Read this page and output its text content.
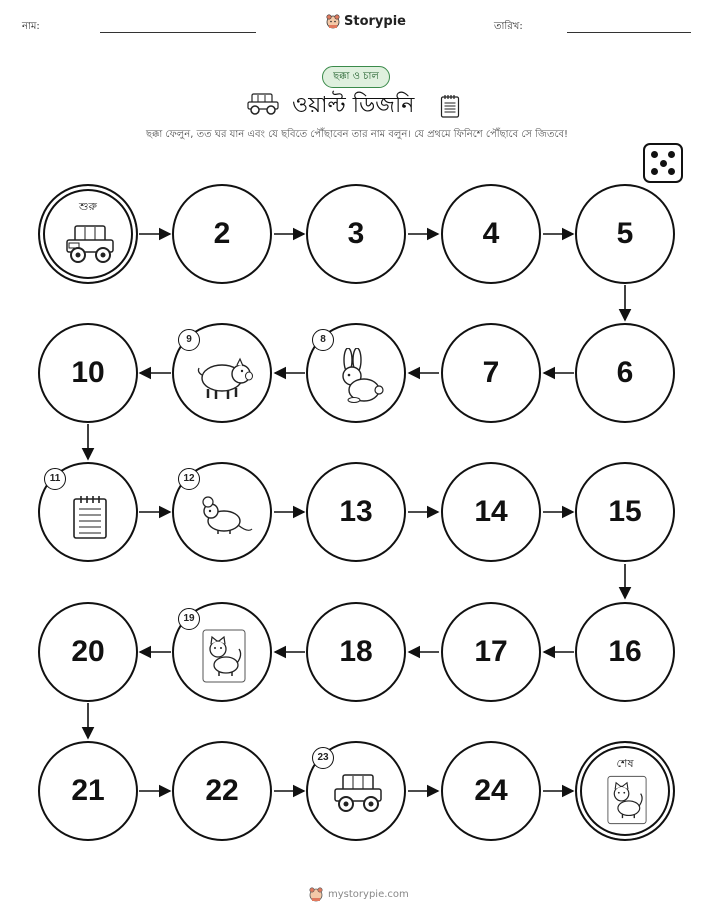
নাম:	Storypie	তারিখ:
ছক্কা ও চাল
ওয়াল্ট ডিজনি
ছক্কা ফেলুন, তত ঘর যান এবং যে ছবিতে পৌঁছাবেন তার নাম বলুন। যে প্রথমে ফিনিশে পৌঁছাবে সে জিতবে!
শুরু
2	3	4	5
6
7
8
9
10
11	12
13	14	15
16
17
18
19
20
21	22
23
24
শেষ
mystorypie.com
